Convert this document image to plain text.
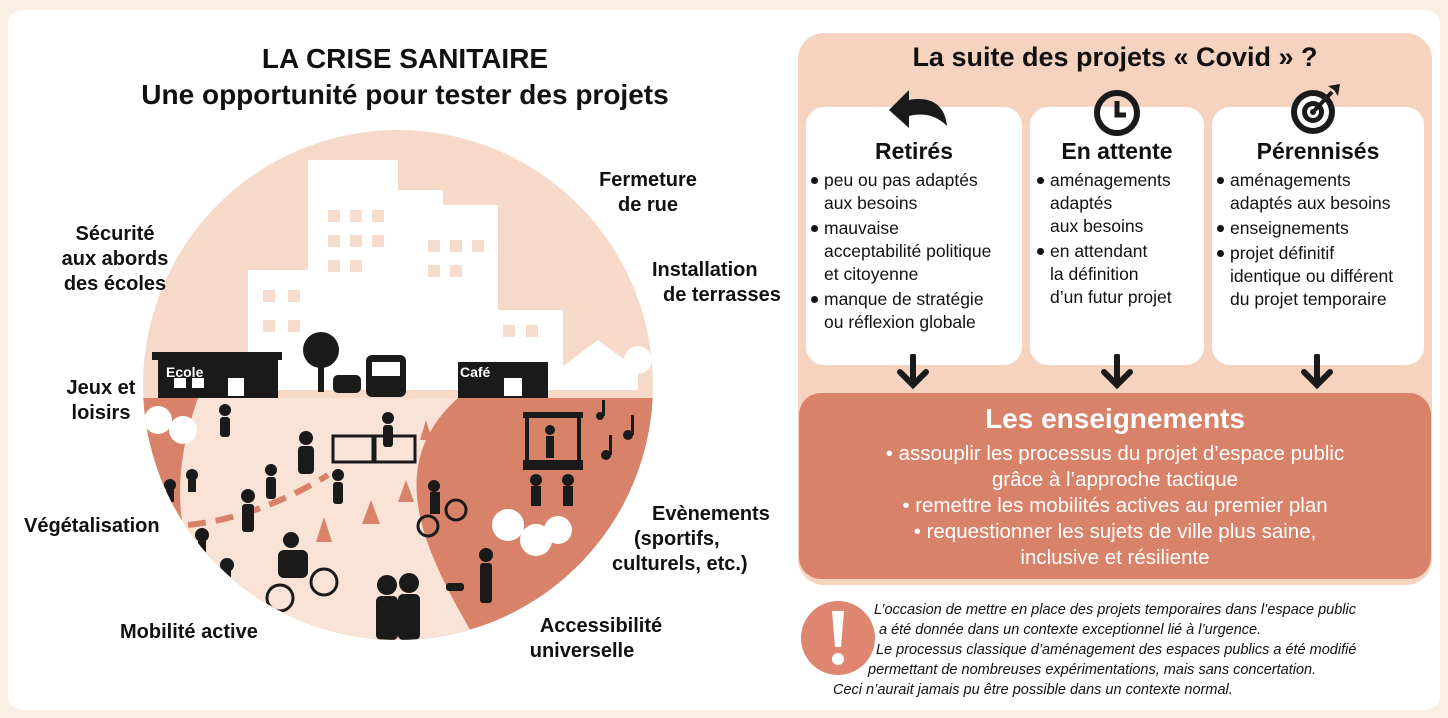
LA CRISE SANITAIRE
Une opportunité pour tester des projets
Ecole	Café
Sécurité
aux abords
des écoles
Fermeture
de rue
Installation
de terrasses
Jeux et
loisirs
Végétalisation
Evènements
(sportifs,
culturels, etc.)
Mobilité active	Accessibilité
universelle
La suite des projets « Covid » ?
Retirés	En attente	Pérennisés
peu ou pas adaptés
aux besoins
mauvaise
acceptabilité politique
et citoyenne
manque de stratégie
ou réflexion globale
aménagements
adaptés
aux besoins
en attendant
la définition
d’un futur projet
aménagements
adaptés aux besoins
enseignements
projet définitif
identique ou différent
du projet temporaire
Les enseignements
• assouplir les processus du projet d’espace public
grâce à l’approche tactique
• remettre les mobilités actives au premier plan
• requestionner les sujets de ville plus saine,
inclusive et résiliente
L’occasion de mettre en place des projets temporaires dans l’espace public
a été donnée dans un contexte exceptionnel lié à l’urgence.
Le processus classique d’aménagement des espaces publics a été modifié
permettant de nombreuses expérimentations, mais sans concertation.
Ceci n’aurait jamais pu être possible dans un contexte normal.
